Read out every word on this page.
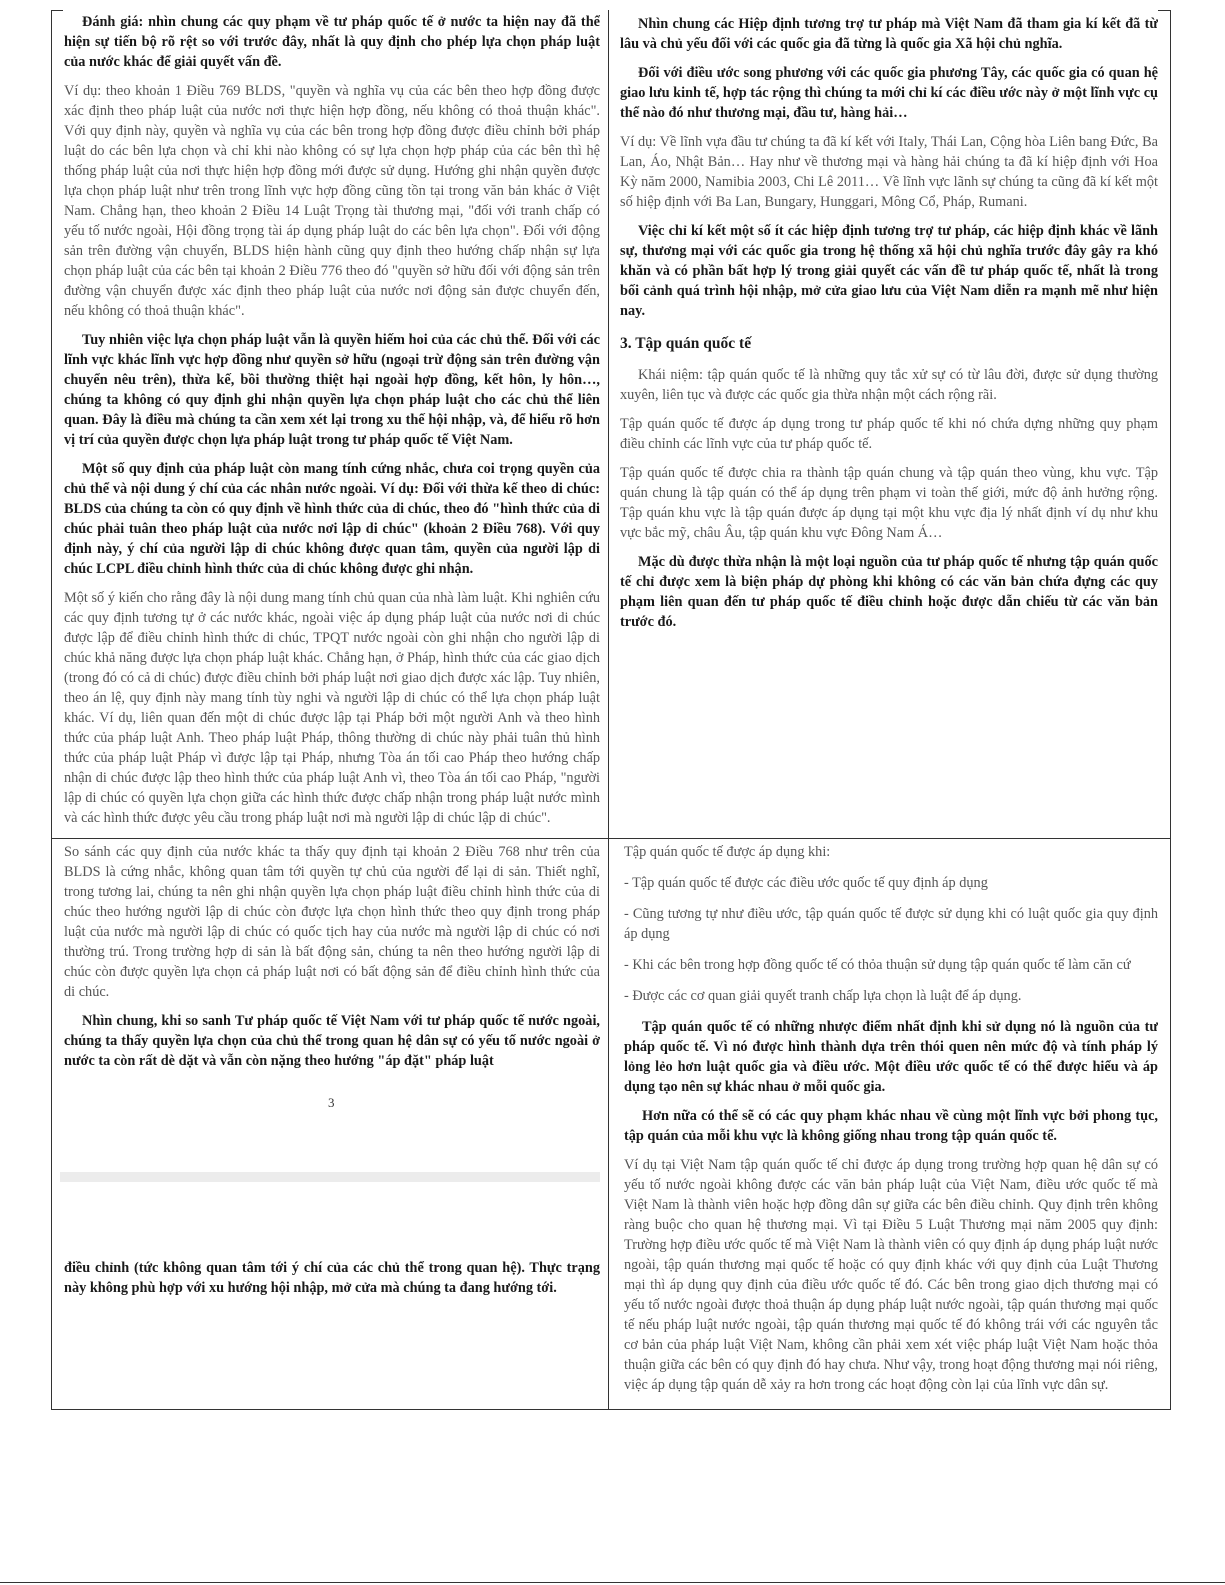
Đánh giá: nhìn chung các quy phạm về tư pháp quốc tế ở nước ta hiện nay đã thể hiện sự tiến bộ rõ rệt so với trước đây, nhất là quy định cho phép lựa chọn pháp luật của nước khác để giải quyết vấn đề.

Ví dụ: theo khoản 1 Điều 769 BLDS, "quyền và nghĩa vụ của các bên theo hợp đồng được xác định theo pháp luật của nước nơi thực hiện hợp đồng, nếu không có thoả thuận khác". Với quy định này, quyền và nghĩa vụ của các bên trong hợp đồng được điều chỉnh bởi pháp luật do các bên lựa chọn và chỉ khi nào không có sự lựa chọn hợp pháp của các bên thì hệ thống pháp luật của nơi thực hiện hợp đồng mới được sử dụng. Hướng ghi nhận quyền được lựa chọn pháp luật như trên trong lĩnh vực hợp đồng cũng tồn tại trong văn bản khác ở Việt Nam. Chẳng hạn, theo khoản 2 Điều 14 Luật Trọng tài thương mại, "đối với tranh chấp có yếu tố nước ngoài, Hội đồng trọng tài áp dụng pháp luật do các bên lựa chọn". Đối với động sản trên đường vận chuyển, BLDS hiện hành cũng quy định theo hướng chấp nhận sự lựa chọn pháp luật của các bên tại khoản 2 Điều 776 theo đó "quyền sở hữu đối với động sản trên đường vận chuyển được xác định theo pháp luật của nước nơi động sản được chuyển đến, nếu không có thoả thuận khác".

Tuy nhiên việc lựa chọn pháp luật vẫn là quyền hiếm hoi của các chủ thể. Đối với các lĩnh vực khác lĩnh vực hợp đồng như quyền sở hữu (ngoại trừ động sản trên đường vận chuyển nêu trên), thừa kế, bồi thường thiệt hại ngoài hợp đồng, kết hôn, ly hôn…, chúng ta không có quy định ghi nhận quyền lựa chọn pháp luật cho các chủ thể liên quan. Đây là điều mà chúng ta cần xem xét lại trong xu thế hội nhập, và, để hiểu rõ hơn vị trí của quyền được chọn lựa pháp luật trong tư pháp quốc tế Việt Nam.

Một số quy định của pháp luật còn mang tính cứng nhắc, chưa coi trọng quyền của chủ thể và nội dung ý chí của các nhân nước ngoài. Ví dụ: Đối với thừa kế theo di chúc: BLDS của chúng ta còn có quy định về hình thức của di chúc, theo đó "hình thức của di chúc phải tuân theo pháp luật của nước nơi lập di chúc" (khoản 2 Điều 768). Với quy định này, ý chí của người lập di chúc không được quan tâm, quyền của người lập di chúc LCPL điều chỉnh hình thức của di chúc không được ghi nhận.

Một số ý kiến cho rằng đây là nội dung mang tính chủ quan của nhà làm luật. Khi nghiên cứu các quy định tương tự ở các nước khác, ngoài việc áp dụng pháp luật của nước nơi di chúc được lập để điều chỉnh hình thức di chúc, TPQT nước ngoài còn ghi nhận cho người lập di chúc khả năng được lựa chọn pháp luật khác. Chẳng hạn, ở Pháp, hình thức của các giao dịch (trong đó có cả di chúc) được điều chỉnh bởi pháp luật nơi giao dịch được xác lập. Tuy nhiên, theo án lệ, quy định này mang tính tùy nghi và người lập di chúc có thể lựa chọn pháp luật khác. Ví dụ, liên quan đến một di chúc được lập tại Pháp bởi một người Anh và theo hình thức của pháp luật Anh. Theo pháp luật Pháp, thông thường di chúc này phải tuân thủ hình thức của pháp luật Pháp vì được lập tại Pháp, nhưng Tòa án tối cao Pháp theo hướng chấp nhận di chúc được lập theo hình thức của pháp luật Anh vì, theo Tòa án tối cao Pháp, "người lập di chúc có quyền lựa chọn giữa các hình thức được chấp nhận trong pháp luật nước mình và các hình thức được yêu cầu trong pháp luật nơi mà người lập di chúc lập di chúc".

So sánh các quy định của nước khác ta thấy quy định tại khoản 2 Điều 768 như trên của BLDS là cứng nhắc, không quan tâm tới quyền tự chủ của người để lại di sản. Thiết nghĩ, trong tương lai, chúng ta nên ghi nhận quyền lựa chọn pháp luật điều chỉnh hình thức của di chúc theo hướng người lập di chúc còn được lựa chọn hình thức theo quy định trong pháp luật của nước mà người lập di chúc có quốc tịch hay của nước mà người lập di chúc có nơi thường trú. Trong trường hợp di sản là bất động sản, chúng ta nên theo hướng người lập di chúc còn được quyền lựa chọn cả pháp luật nơi có bất động sản để điều chỉnh hình thức của di chúc.

Nhìn chung, khi so sanh Tư pháp quốc tế Việt Nam với tư pháp quốc tế nước ngoài, chúng ta thấy quyền lựa chọn của chủ thể trong quan hệ dân sự có yếu tố nước ngoài ở nước ta còn rất dè dặt và vẫn còn nặng theo hướng "áp đặt" pháp luật

3

điều chỉnh (tức không quan tâm tới ý chí của các chủ thể trong quan hệ). Thực trạng này không phù hợp với xu hướng hội nhập, mở cửa mà chúng ta đang hướng tới.

Nhìn chung các Hiệp định tương trợ tư pháp mà Việt Nam đã tham gia kí kết đã từ lâu và chủ yếu đối với các quốc gia đã từng là quốc gia Xã hội chủ nghĩa.

Đối với điều ước song phương với các quốc gia phương Tây, các quốc gia có quan hệ giao lưu kinh tế, hợp tác rộng thì chúng ta mới chỉ kí các điều ước này ở một lĩnh vực cụ thể nào đó như thương mại, đầu tư, hàng hải…

Ví dụ: Về lĩnh vựa đầu tư chúng ta đã kí kết với Italy, Thái Lan, Cộng hòa Liên bang Đức, Ba Lan, Áo, Nhật Bản… Hay như về thương mại và hàng hải chúng ta đã kí hiệp định với Hoa Kỳ năm 2000, Namibia 2003, Chi Lê 2011… Về lĩnh vực lãnh sự chúng ta cũng đã kí kết một số hiệp định với Ba Lan, Bungary, Hunggari, Mông Cổ, Pháp, Rumani.

Việc chỉ kí kết một số ít các hiệp định tương trợ tư pháp, các hiệp định khác về lãnh sự, thương mại với các quốc gia trong hệ thống xã hội chủ nghĩa trước đây gây ra khó khăn và có phần bất hợp lý trong giải quyết các vấn đề tư pháp quốc tế, nhất là trong bối cảnh quá trình hội nhập, mở cửa giao lưu của Việt Nam diễn ra mạnh mẽ như hiện nay.

3. Tập quán quốc tế

Khái niệm: tập quán quốc tế là những quy tắc xử sự có từ lâu đời, được sử dụng thường xuyên, liên tục và được các quốc gia thừa nhận một cách rộng rãi.

Tập quán quốc tế được áp dụng trong tư pháp quốc tế khi nó chứa dựng những quy phạm điều chỉnh các lĩnh vực của tư pháp quốc tế.

Tập quán quốc tế được chia ra thành tập quán chung và tập quán theo vùng, khu vực. Tập quán chung là tập quán có thể áp dụng trên phạm vi toàn thế giới, mức độ ảnh hưởng rộng. Tập quán khu vực là tập quán được áp dụng tại một khu vực địa lý nhất định ví dụ như khu vực bắc mỹ, châu Âu, tập quán khu vực Đông Nam Á…

Mặc dù được thừa nhận là một loại nguồn của tư pháp quốc tế nhưng tập quán quốc tế chỉ được xem là biện pháp dự phòng khi không có các văn bản chứa đựng các quy phạm liên quan đến tư pháp quốc tế điều chỉnh hoặc được dẫn chiếu từ các văn bản trước đó.

Tập quán quốc tế được áp dụng khi:

- Tập quán quốc tế được các điều ước quốc tế quy định áp dụng

- Cũng tương tự như điều ước, tập quán quốc tế được sử dụng khi có luật quốc gia quy định áp dụng

- Khi các bên trong hợp đồng quốc tế có thỏa thuận sử dụng tập quán quốc tế làm căn cứ

- Được các cơ quan giải quyết tranh chấp lựa chọn là luật để áp dụng.

Tập quán quốc tế có những nhược điểm nhất định khi sử dụng nó là nguồn của tư pháp quốc tế. Vì nó được hình thành dựa trên thói quen nên mức độ và tính pháp lý lỏng lẻo hơn luật quốc gia và điều ước. Một điều ước quốc tế có thể được hiểu và áp dụng tạo nên sự khác nhau ở mỗi quốc gia.

Hơn nữa có thể sẽ có các quy phạm khác nhau về cùng một lĩnh vực bởi phong tục, tập quán của mỗi khu vực là không giống nhau trong tập quán quốc tế.

Ví dụ tại Việt Nam tập quán quốc tế chỉ được áp dụng trong trường hợp quan hệ dân sự có yếu tố nước ngoài không được các văn bản pháp luật của Việt Nam, điều ước quốc tế mà Việt Nam là thành viên hoặc hợp đồng dân sự giữa các bên điều chỉnh. Quy định trên không ràng buộc cho quan hệ thương mại. Vì tại Điều 5 Luật Thương mại năm 2005 quy định: Trường hợp điều ước quốc tế mà Việt Nam là thành viên có quy định áp dụng pháp luật nước ngoài, tập quán thương mại quốc tế hoặc có quy định khác với quy định của Luật Thương mại thì áp dụng quy định của điều ước quốc tế đó. Các bên trong giao dịch thương mại có yếu tố nước ngoài được thoả thuận áp dụng pháp luật nước ngoài, tập quán thương mại quốc tế nếu pháp luật nước ngoài, tập quán thương mại quốc tế đó không trái với các nguyên tắc cơ bản của pháp luật Việt Nam, không cần phải xem xét việc pháp luật Việt Nam hoặc thỏa thuận giữa các bên có quy định đó hay chưa. Như vậy, trong hoạt động thương mại nói riêng, việc áp dụng tập quán dễ xảy ra hơn trong các hoạt động còn lại của lĩnh vực dân sự.
